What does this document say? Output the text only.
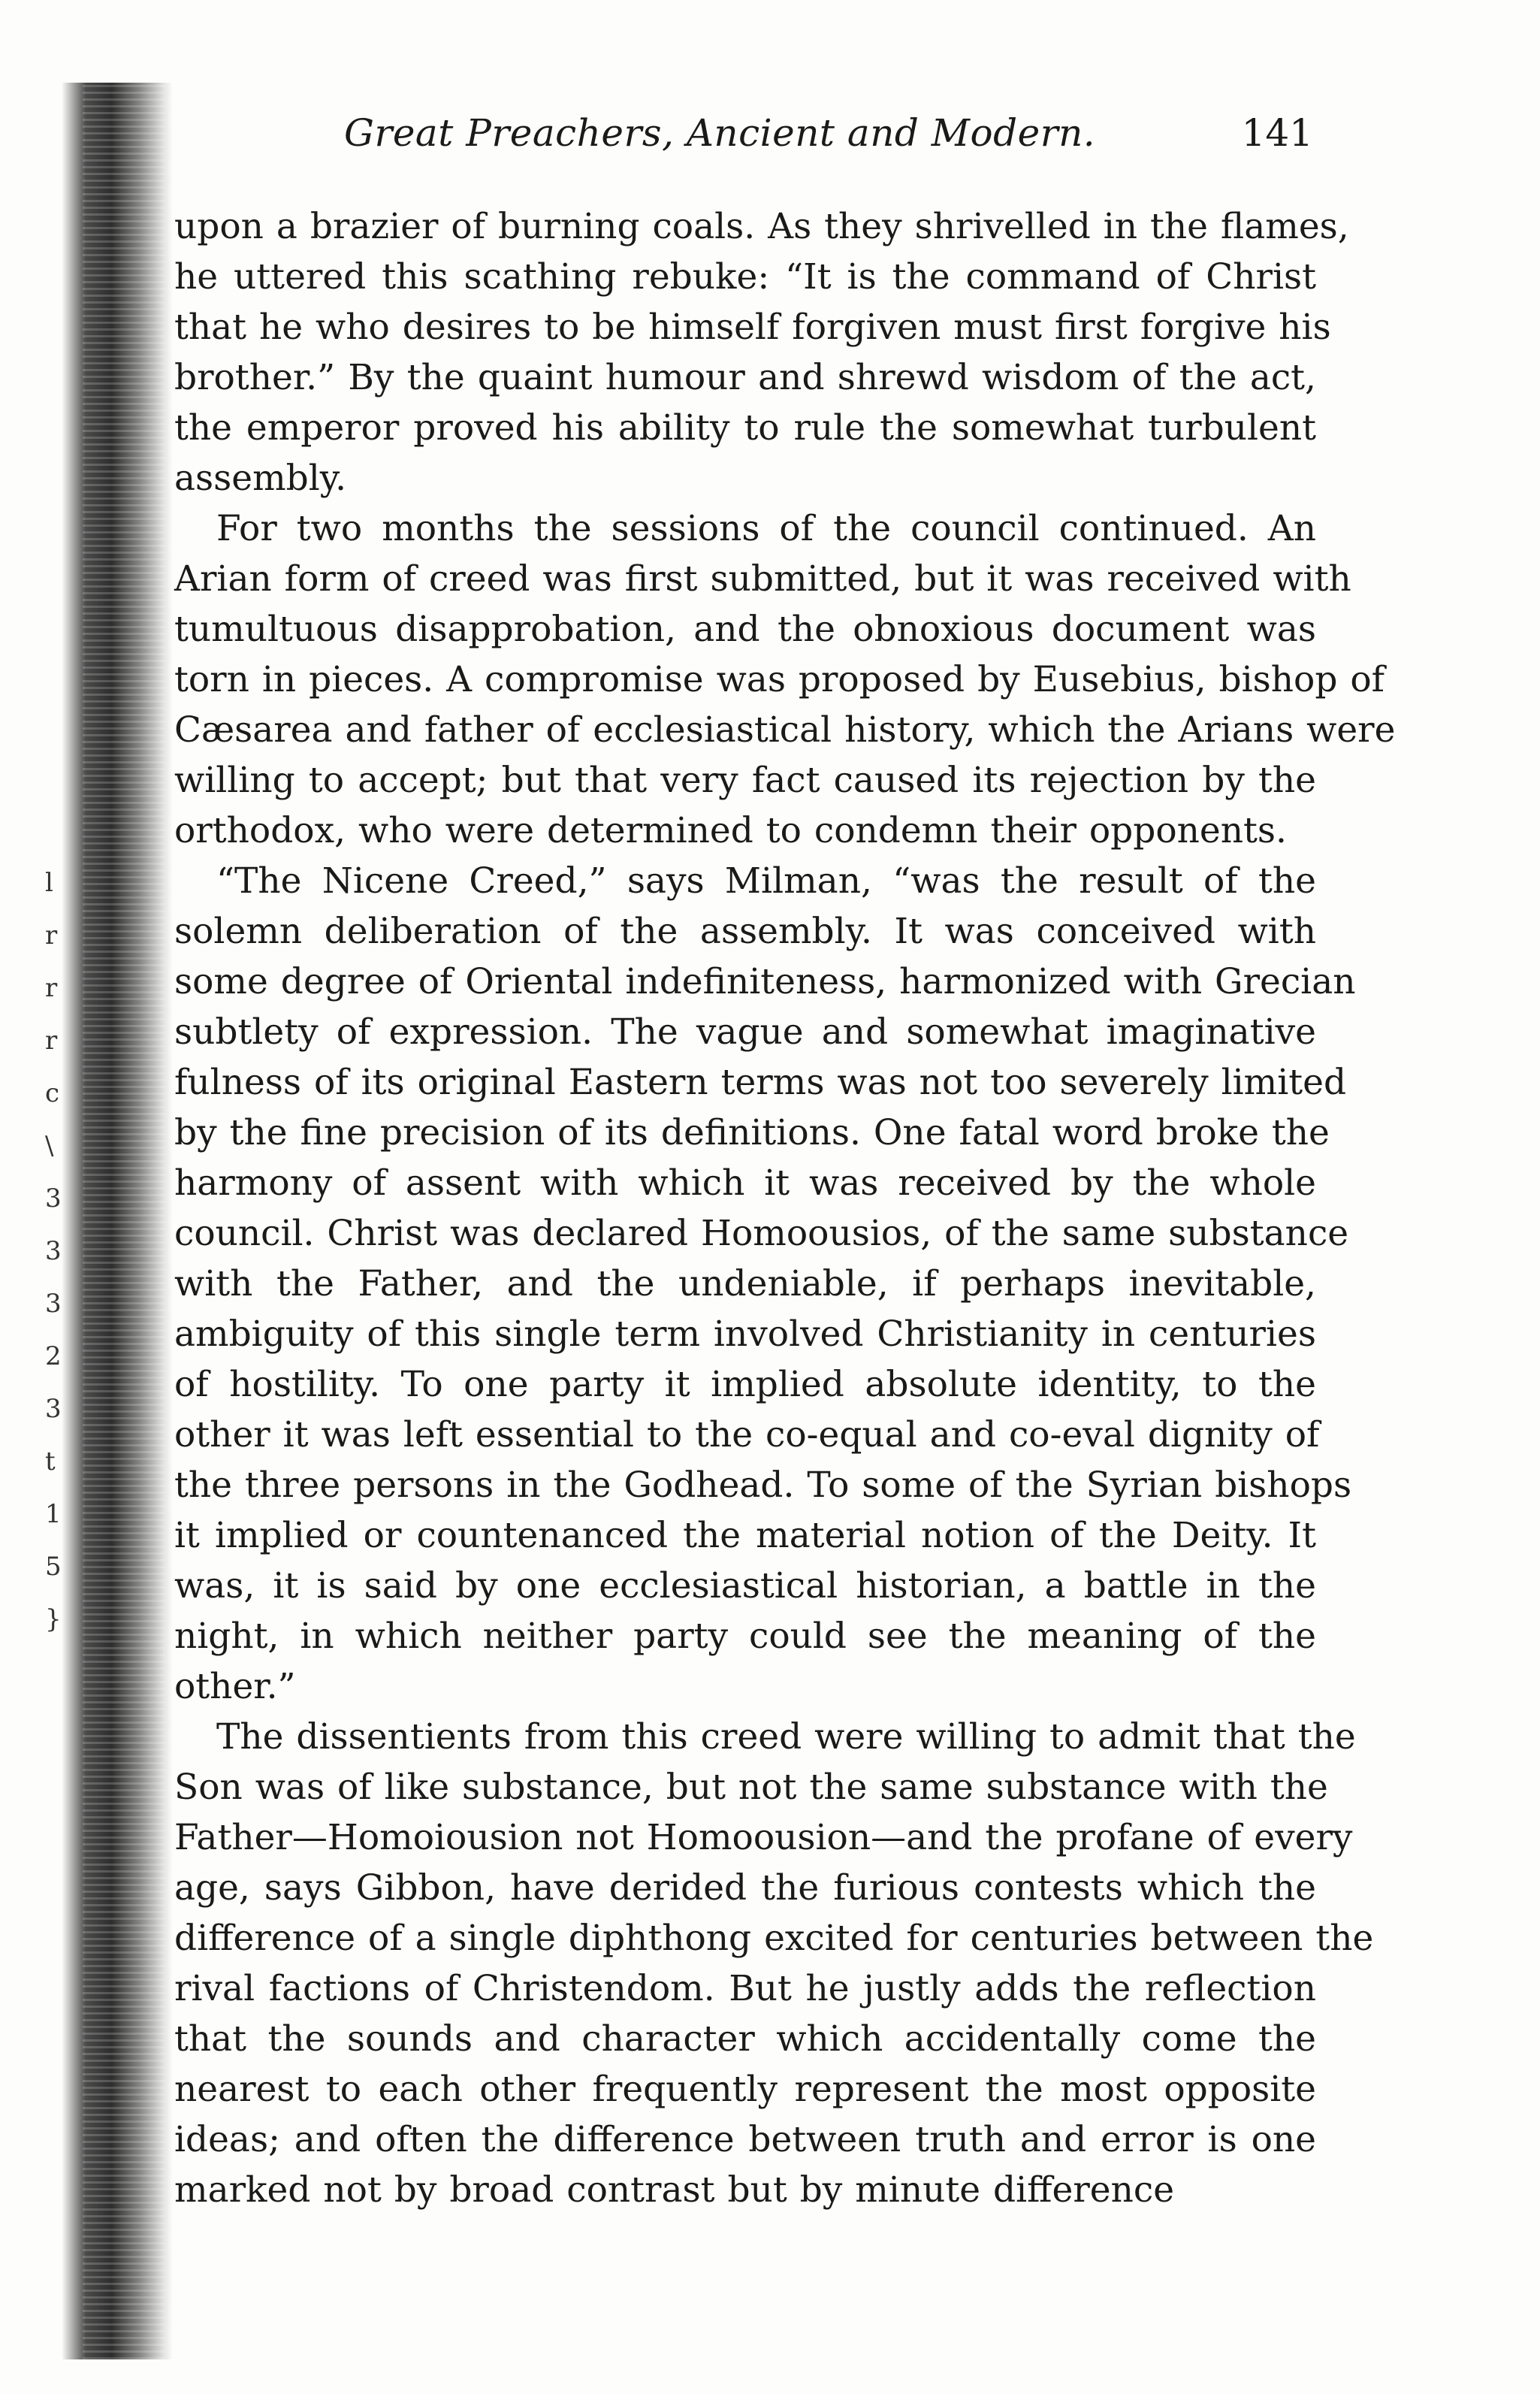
Great Preachers, Ancient and Modern.	141
upon a brazier of burning coals. As they shrivelled in the flames,
he uttered this scathing rebuke: “It is the command of Christ
that he who desires to be himself forgiven must first forgive his
brother.” By the quaint humour and shrewd wisdom of the act,
the emperor proved his ability to rule the somewhat turbulent
assembly.
For two months the sessions of the council continued. An
Arian form of creed was first submitted, but it was received with
tumultuous disapprobation, and the obnoxious document was
torn in pieces. A compromise was proposed by Eusebius, bishop of
Cæsarea and father of ecclesiastical history, which the Arians were
willing to accept; but that very fact caused its rejection by the
orthodox, who were determined to condemn their opponents.
“The Nicene Creed,” says Milman, “was the result of the
solemn deliberation of the assembly. It was conceived with
some degree of Oriental indefiniteness, harmonized with Grecian
subtlety of expression. The vague and somewhat imaginative
fulness of its original Eastern terms was not too severely limited
by the fine precision of its definitions. One fatal word broke the
harmony of assent with which it was received by the whole
council. Christ was declared Homoousios, of the same substance
with the Father, and the undeniable, if perhaps inevitable,
ambiguity of this single term involved Christianity in centuries
of hostility. To one party it implied absolute identity, to the
other it was left essential to the co-equal and co-eval dignity of
the three persons in the Godhead. To some of the Syrian bishops
it implied or countenanced the material notion of the Deity. It
was, it is said by one ecclesiastical historian, a battle in the
night, in which neither party could see the meaning of the
other.”
The dissentients from this creed were willing to admit that the
Son was of like substance, but not the same substance with the
Father—Homoiousion not Homoousion—and the profane of every
age, says Gibbon, have derided the furious contests which the
difference of a single diphthong excited for centuries between the
rival factions of Christendom. But he justly adds the reflection
that the sounds and character which accidentally come the
nearest to each other frequently represent the most opposite
ideas; and often the difference between truth and error is one
marked not by broad contrast but by minute difference
l
r
r
r
c
\
3
3
3
2
3
t
1
5
}
